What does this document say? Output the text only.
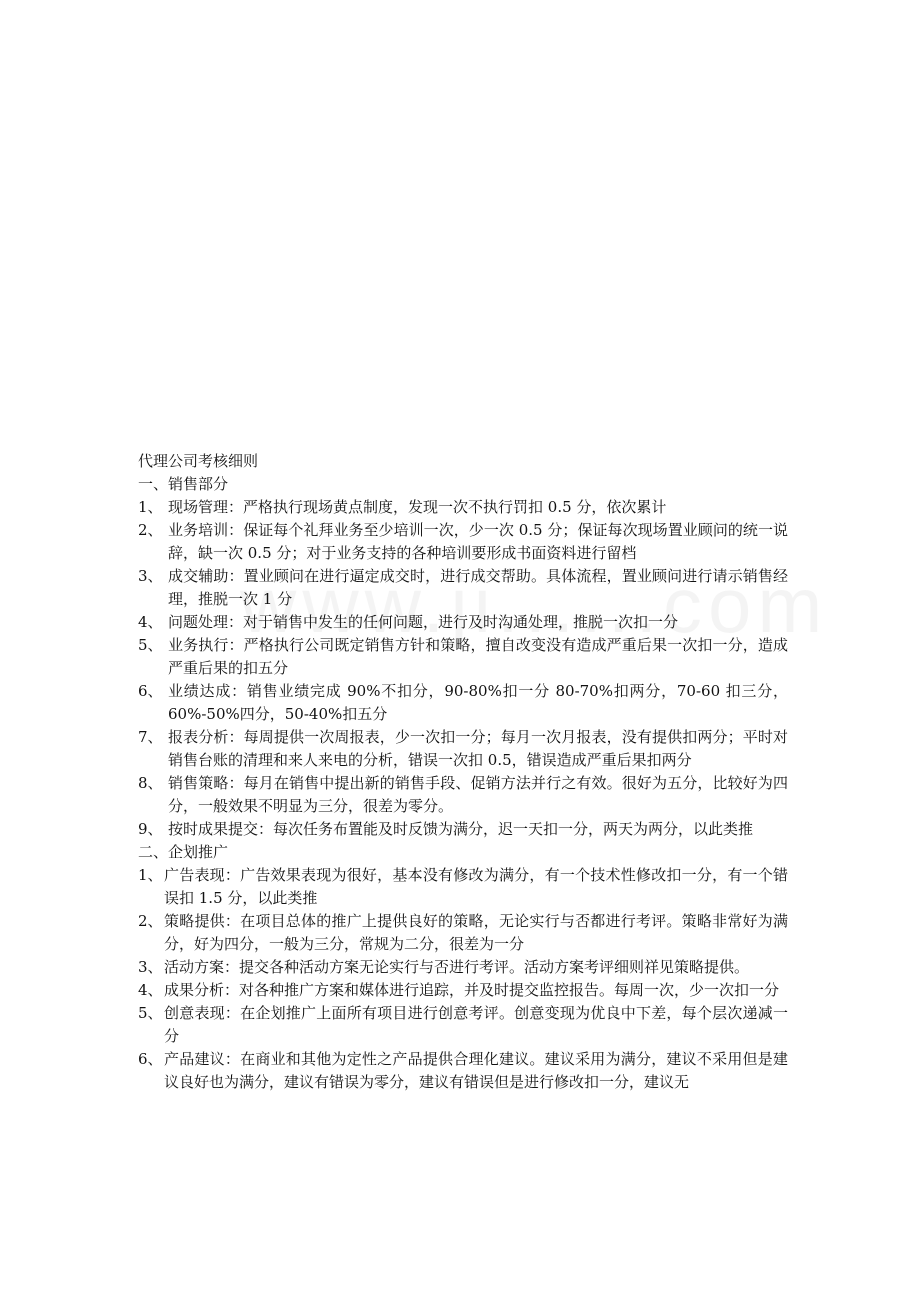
代理公司考核细则
一、销售部分
1、 现场管理：严格执行现场黄点制度，发现一次不执行罚扣 0.5 分，依次累计
2、 业务培训：保证每个礼拜业务至少培训一次，少一次 0.5 分；保证每次现场置业顾问的统一说辞，缺一次 0.5 分；对于业务支持的各种培训要形成书面资料进行留档
3、 成交辅助：置业顾问在进行逼定成交时，进行成交帮助。具体流程，置业顾问进行请示销售经理，推脱一次 1 分
4、 问题处理：对于销售中发生的任何问题，进行及时沟通处理，推脱一次扣一分
5、 业务执行：严格执行公司既定销售方针和策略，擅自改变没有造成严重后果一次扣一分，造成严重后果的扣五分
6、 业绩达成：销售业绩完成 90%不扣分，90-80%扣一分 80-70%扣两分，70-60 扣三分，60%-50%四分，50-40%扣五分
7、 报表分析：每周提供一次周报表，少一次扣一分；每月一次月报表，没有提供扣两分；平时对销售台账的清理和来人来电的分析，错误一次扣 0.5，错误造成严重后果扣两分
8、 销售策略：每月在销售中提出新的销售手段、促销方法并行之有效。很好为五分，比较好为四分，一般效果不明显为三分，很差为零分。
9、 按时成果提交：每次任务布置能及时反馈为满分，迟一天扣一分，两天为两分，以此类推
二、企划推广
1、 广告表现：广告效果表现为很好，基本没有修改为满分，有一个技术性修改扣一分，有一个错误扣 1.5 分，以此类推
2、 策略提供：在项目总体的推广上提供良好的策略，无论实行与否都进行考评。策略非常好为满分，好为四分，一般为三分，常规为二分，很差为一分
3、 活动方案：提交各种活动方案无论实行与否进行考评。活动方案考评细则祥见策略提供。
4、 成果分析：对各种推广方案和媒体进行追踪，并及时提交监控报告。每周一次，少一次扣一分
5、 创意表现：在企划推广上面所有项目进行创意考评。创意变现为优良中下差，每个层次递减一分
6、 产品建议：在商业和其他为定性之产品提供合理化建议。建议采用为满分，建议不采用但是建议良好也为满分，建议有错误为零分，建议有错误但是进行修改扣一分，建议无
